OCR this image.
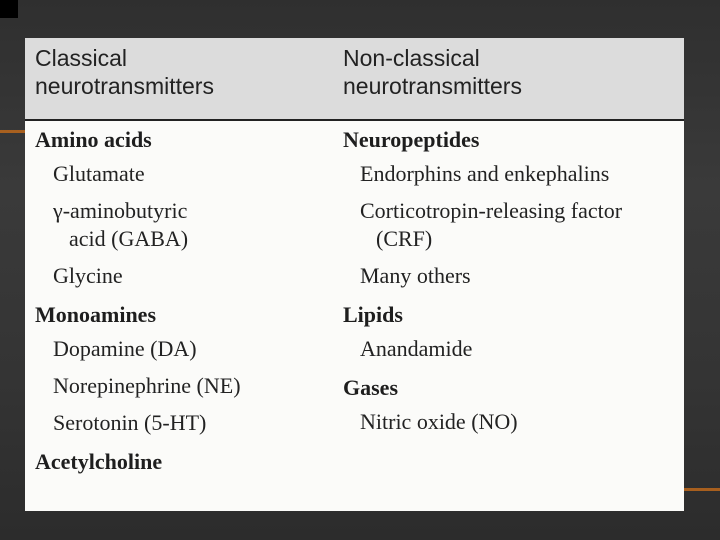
Classical
neurotransmitters
Non-classical
neurotransmitters
Amino acids
Glutamate
γ-aminobutyric
acid (GABA)
Glycine
Monoamines
Dopamine (DA)
Norepinephrine (NE)
Serotonin (5-HT)
Acetylcholine
Neuropeptides
Endorphins and enkephalins
Corticotropin-releasing factor
(CRF)
Many others
Lipids
Anandamide
Gases
Nitric oxide (NO)
